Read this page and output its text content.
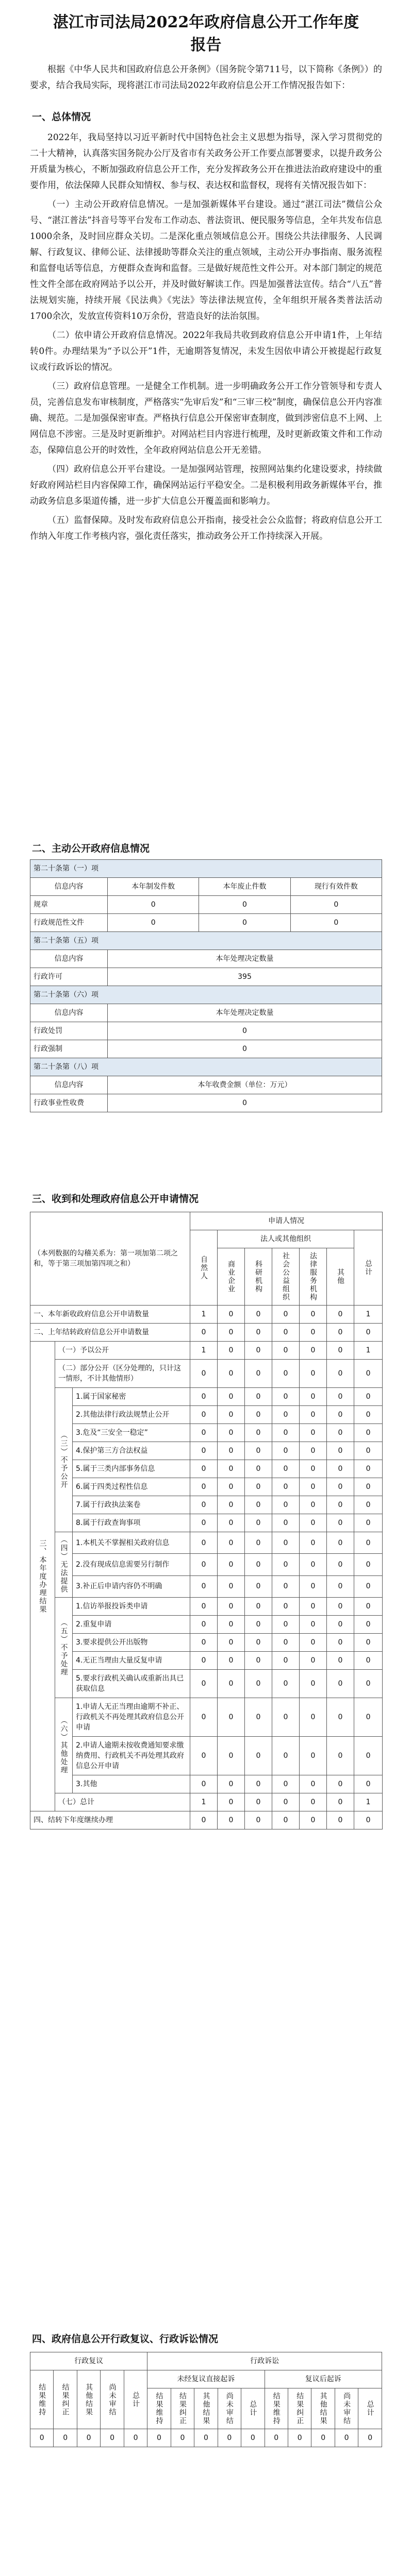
湛江市司法局2022年政府信息公开工作年度报告

根据《中华人民共和国政府信息公开条例》（国务院令第711号，以下简称《条例》）的要求，结合我局实际，现将湛江市司法局2022年政府信息公开工作情况报告如下：

一、总体情况

2022年，我局坚持以习近平新时代中国特色社会主义思想为指导，深入学习贯彻党的二十大精神，认真落实国务院办公厅及省市有关政务公开工作要点部署要求，以提升政务公开质量为核心，不断加强政府信息公开工作，充分发挥政务公开在推进法治政府建设中的重要作用，依法保障人民群众知情权、参与权、表达权和监督权，现将有关情况报告如下：

（一）主动公开政府信息情况。一是加强新媒体平台建设。通过“湛江司法”微信公众号、“湛江普法”抖音号等平台发布工作动态、普法资讯、便民服务等信息，全年共发布信息1000余条，及时回应群众关切。二是深化重点领域信息公开。围绕公共法律服务、人民调解、行政复议、律师公证、法律援助等群众关注的重点领域，主动公开办事指南、服务流程和监督电话等信息，方便群众查询和监督。三是做好规范性文件公开。对本部门制定的规范性文件全部在政府网站予以公开，并及时做好解读工作。四是加强普法宣传。结合“八五”普法规划实施，持续开展《民法典》《宪法》等法律法规宣传，全年组织开展各类普法活动1700余次，发放宣传资料10万余份，营造良好的法治氛围。

（二）依申请公开政府信息情况。2022年我局共收到政府信息公开申请1件，上年结转0件。办理结果为“予以公开”1件，无逾期答复情况，未发生因依申请公开被提起行政复议或行政诉讼的情况。

（三）政府信息管理。一是健全工作机制。进一步明确政务公开工作分管领导和专责人员，完善信息发布审核制度，严格落实“先审后发”和“三审三校”制度，确保信息公开内容准确、规范。二是加强保密审查。严格执行信息公开保密审查制度，做到涉密信息不上网、上网信息不涉密。三是及时更新维护。对网站栏目内容进行梳理，及时更新政策文件和工作动态，保障信息公开的时效性，全年政府网站信息公开无差错。

（四）政府信息公开平台建设。一是加强网站管理，按照网站集约化建设要求，持续做好政府网站栏目内容保障工作，确保网站运行平稳安全。二是积极利用政务新媒体平台，推动政务信息多渠道传播，进一步扩大信息公开覆盖面和影响力。

（五）监督保障。及时发布政府信息公开指南，接受社会公众监督；将政府信息公开工作纳入年度工作考核内容，强化责任落实，推动政务公开工作持续深入开展。

二、主动公开政府信息情况
第二十条第（一）项			
信息内容	本年制发件数	本年废止件数	现行有效件数
规章	0	0	0
行政规范性文件	0	0	0
第二十条第（五）项			
信息内容	本年处理决定数量		
行政许可	395		
第二十条第（六）项			
信息内容	本年处理决定数量		
行政处罚	0		
行政强制	0		
第二十条第（八）项			
信息内容	本年收费金额（单位：万元）		
行政事业性收费	0		
三、收到和处理政府信息公开申请情况
（本列数据的勾稽关系为：第一项加第二项之和，等于第三项加第四项之和）			申请人情况						

			自然人	法人或其他组织					总计

				商业企业	科研机构	社会公益组织	法律服务机构	其他	

一、本年新收政府信息公开申请数量			1	0	0	0	0	0	1
二、上年结转政府信息公开申请数量			0	0	0	0	0	0	0

三、本年度办理结果	（一）予以公开		1	0	0	0	0	0	1
	（二）部分公开（区分处理的，只计这一情形，不计其他情形）		0	0	0	0	0	0	0

	（三）不予公开	1.属于国家秘密	0	0	0	0	0	0	0
		2.其他法律行政法规禁止公开	0	0	0	0	0	0	0
		3.危及“三安全一稳定”	0	0	0	0	0	0	0
		4.保护第三方合法权益	0	0	0	0	0	0	0
		5.属于三类内部事务信息	0	0	0	0	0	0	0
		6.属于四类过程性信息	0	0	0	0	0	0	0
		7.属于行政执法案卷	0	0	0	0	0	0	0
		8.属于行政查询事项	0	0	0	0	0	0	0

	（四）无法提供	1.本机关不掌握相关政府信息	0	0	0	0	0	0	0
		2.没有现成信息需要另行制作	0	0	0	0	0	0	0
		3.补正后申请内容仍不明确	0	0	0	0	0	0	0

	（五）不予处理	1.信访举报投诉类申请	0	0	0	0	0	0	0
		2.重复申请	0	0	0	0	0	0	0
		3.要求提供公开出版物	0	0	0	0	0	0	0
		4.无正当理由大量反复申请	0	0	0	0	0	0	0
		5.要求行政机关确认或重新出具已获取信息	0	0	0	0	0	0	0

	（六）其他处理	1.申请人无正当理由逾期不补正、行政机关不再处理其政府信息公开申请	0	0	0	0	0	0	0
		2.申请人逾期未按收费通知要求缴纳费用、行政机关不再处理其政府信息公开申请	0	0	0	0	0	0	0
		3.其他	0	0	0	0	0	0	0
	（七）总计		1	0	0	0	0	0	1
四、结转下年度继续办理			0	0	0	0	0	0	0
四、政府信息公开行政复议、行政诉讼情况
行政复议					行政诉讼									

结果维持	结果纠正	其他结果	尚未审结	总计	未经复议直接起诉					复议后起诉				

					结果维持	结果纠正	其他结果	尚未审结	总计	结果维持	结果纠正	其他结果	尚未审结	总计

0	0	0	0	0	0	0	0	0	0	0	0	0	0	0
